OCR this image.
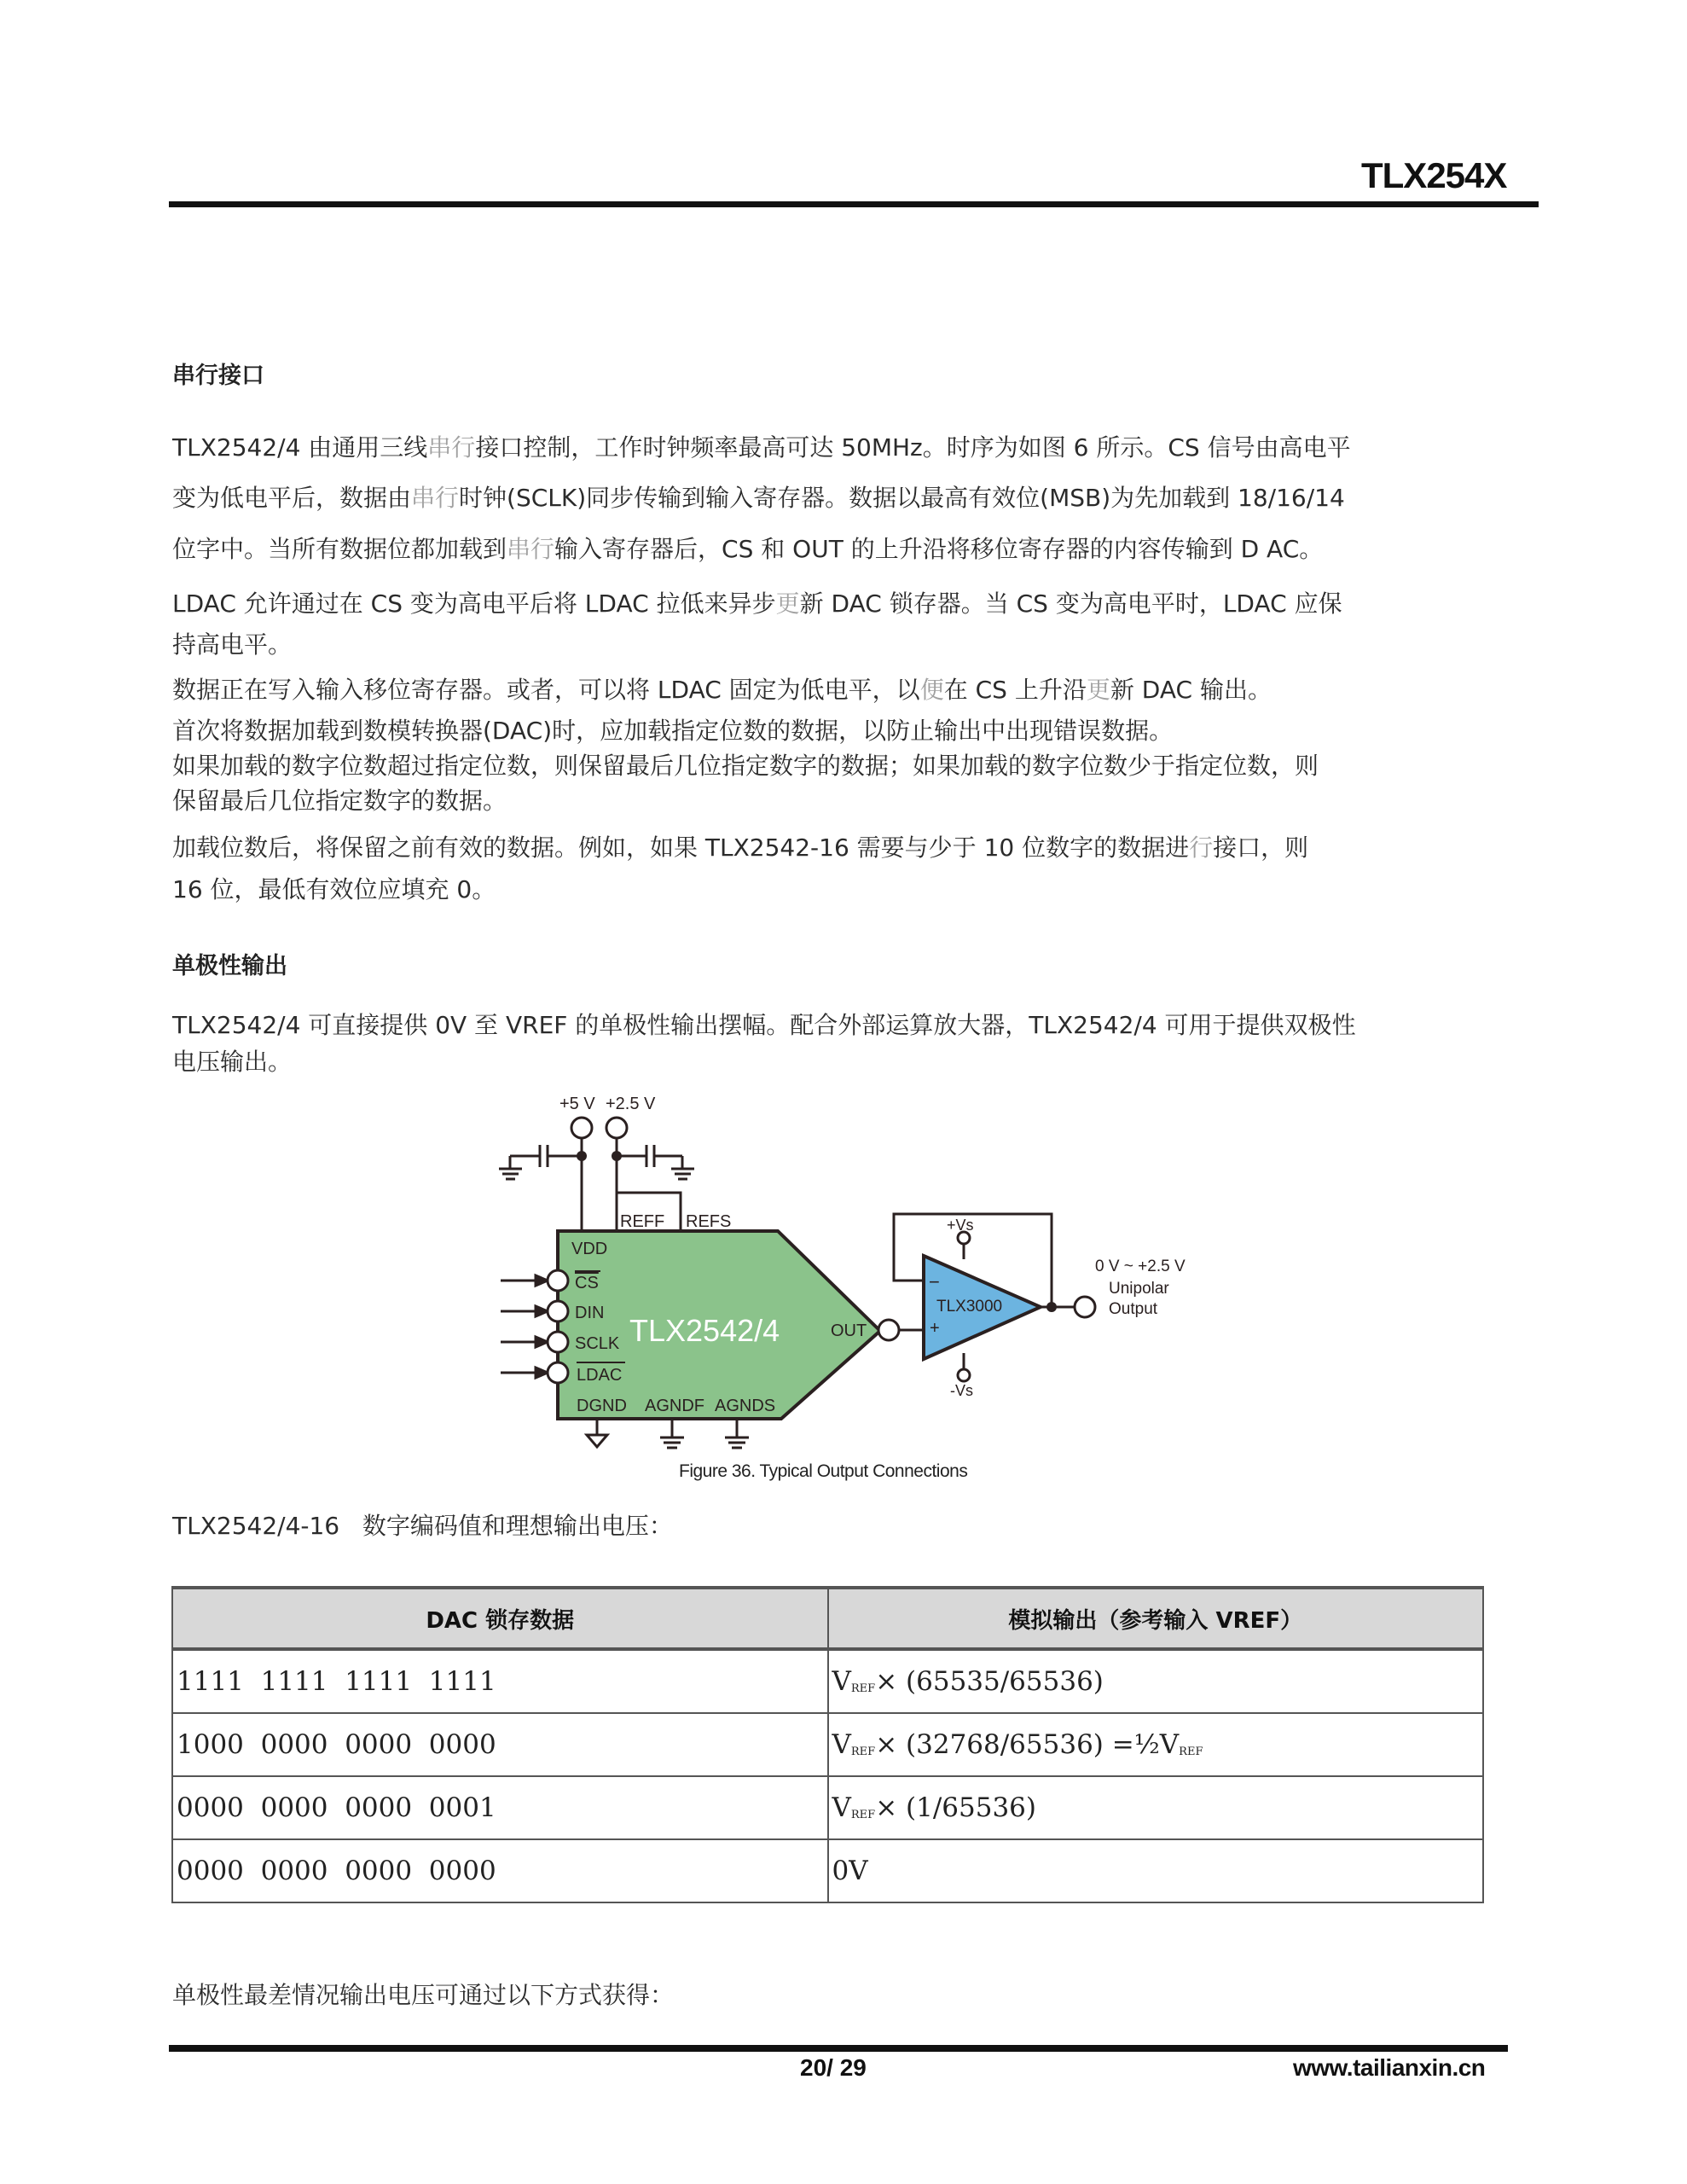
TLX254X
串行接口
TLX2542/4 由通用三线串行接口控制，工作时钟频率最高可达 50MHz。时序为如图 6 所示。CS 信号由高电平
变为低电平后，数据由串行时钟(SCLK)同步传输到输入寄存器。数据以最高有效位(MSB)为先加载到 18/16/14
位字中。当所有数据位都加载到串行输入寄存器后，CS 和 OUT 的上升沿将移位寄存器的内容传输到 D AC。
LDAC 允许通过在 CS 变为高电平后将 LDAC 拉低来异步更新 DAC 锁存器。当 CS 变为高电平时，LDAC 应保
持高电平。
数据正在写入输入移位寄存器。或者，可以将 LDAC 固定为低电平，以便在 CS 上升沿更新 DAC 输出。
首次将数据加载到数模转换器(DAC)时，应加载指定位数的数据，以防止输出中出现错误数据。
如果加载的数字位数超过指定位数，则保留最后几位指定数字的数据；如果加载的数字位数少于指定位数，则
保留最后几位指定数字的数据。
加载位数后，将保留之前有效的数据。例如，如果 TLX2542-16 需要与少于 10 位数字的数据进行接口，则
16 位，最低有效位应填充 0。
单极性输出
TLX2542/4 可直接提供 0V 至 VREF 的单极性输出摆幅。配合外部运算放大器，TLX2542/4 可用于提供双极性
电压输出。
REFF REFS
VDD
CS
DIN
SCLK
LDAC
DGND AGNDF AGNDS
OUT
TLX2542/4
+5 V +2.5 V
−
+
TLX3000
+Vs
-Vs
0 V ~ +2.5 V
Unipolar
Output
Figure 36. Typical Output Connections
TLX2542/4-16   数字编码值和理想输出电压：
DAC 锁存数据	模拟输出（参考输入 VREF）
1111  1111  1111  1111	VREF× (65535/65536)
1000  0000  0000  0000	VREF× (32768/65536) =½VREF
0000  0000  0000  0001	VREF× (1/65536)
0000  0000  0000  0000	0V
单极性最差情况输出电压可通过以下方式获得：
20/ 29	www.tailianxin.cn
